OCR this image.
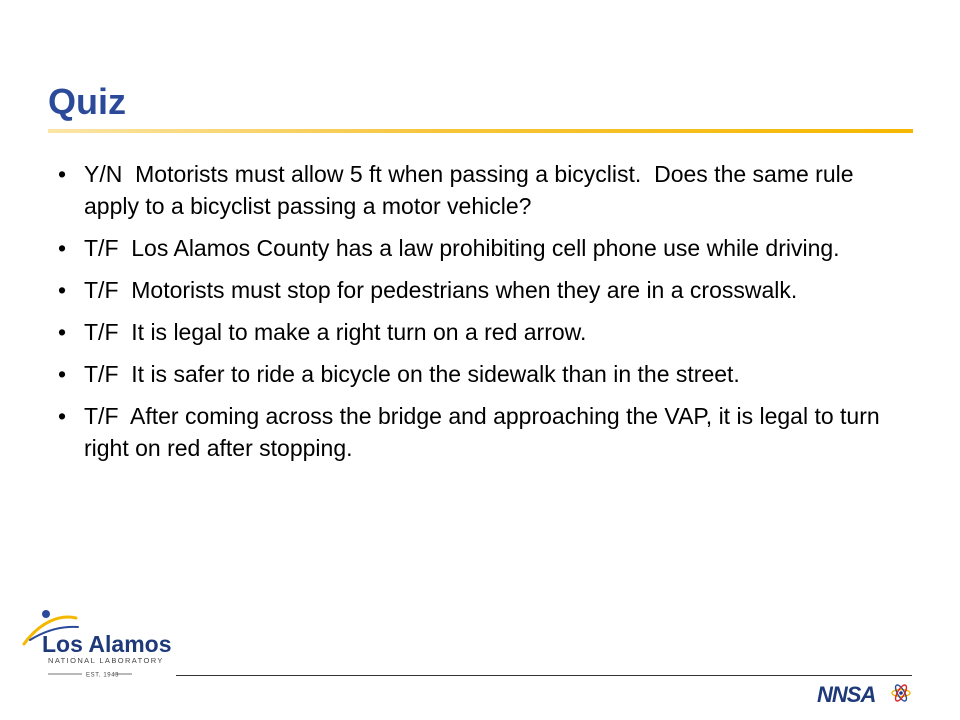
Quiz
• Y/N  Motorists must allow 5 ft when passing a bicyclist.  Does the same rule apply to a bicyclist passing a motor vehicle?
• T/F  Los Alamos County has a law prohibiting cell phone use while driving.
• T/F  Motorists must stop for pedestrians when they are in a crosswalk.
• T/F  It is legal to make a right turn on a red arrow.
• T/F  It is safer to ride a bicycle on the sidewalk than in the street.
• T/F  After coming across the bridge and approaching the VAP, it is legal to turn right on red after stopping.
Los Alamos
NATIONAL LABORATORY
EST. 1943
NNSA
